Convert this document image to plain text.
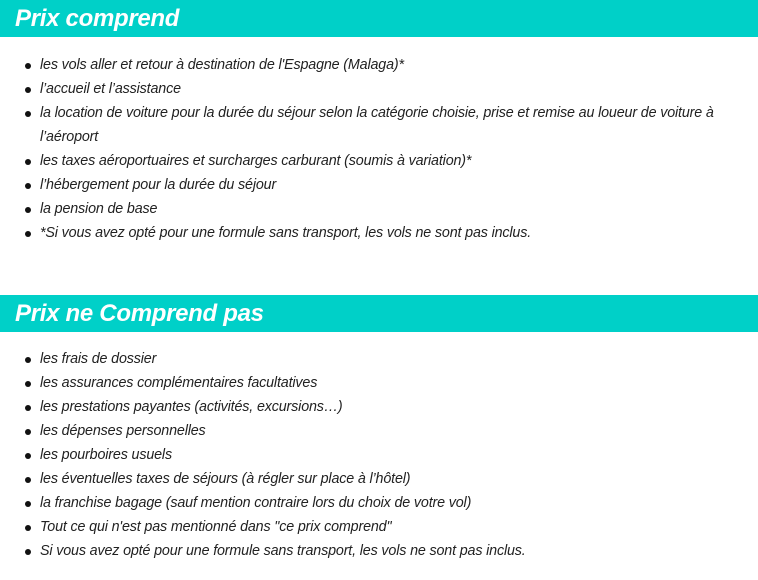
Prix comprend
les vols aller et retour à destination de l'Espagne (Malaga)*
l’accueil et l’assistance
la location de voiture pour la durée du séjour selon la catégorie choisie, prise et remise au loueur de voiture à l’aéroport
les taxes aéroportuaires et surcharges carburant (soumis à variation)*
l’hébergement pour la durée du séjour
la pension de base
*Si vous avez opté pour une formule sans transport, les vols ne sont pas inclus.
Prix ne Comprend pas
les frais de dossier
les assurances complémentaires facultatives
les prestations payantes (activités, excursions…)
les dépenses personnelles
les pourboires usuels
les éventuelles taxes de séjours (à régler sur place à l’hôtel)
la franchise bagage (sauf mention contraire lors du choix de votre vol)
Tout ce qui n'est pas mentionné dans "ce prix comprend"
Si vous avez opté pour une formule sans transport, les vols ne sont pas inclus.
